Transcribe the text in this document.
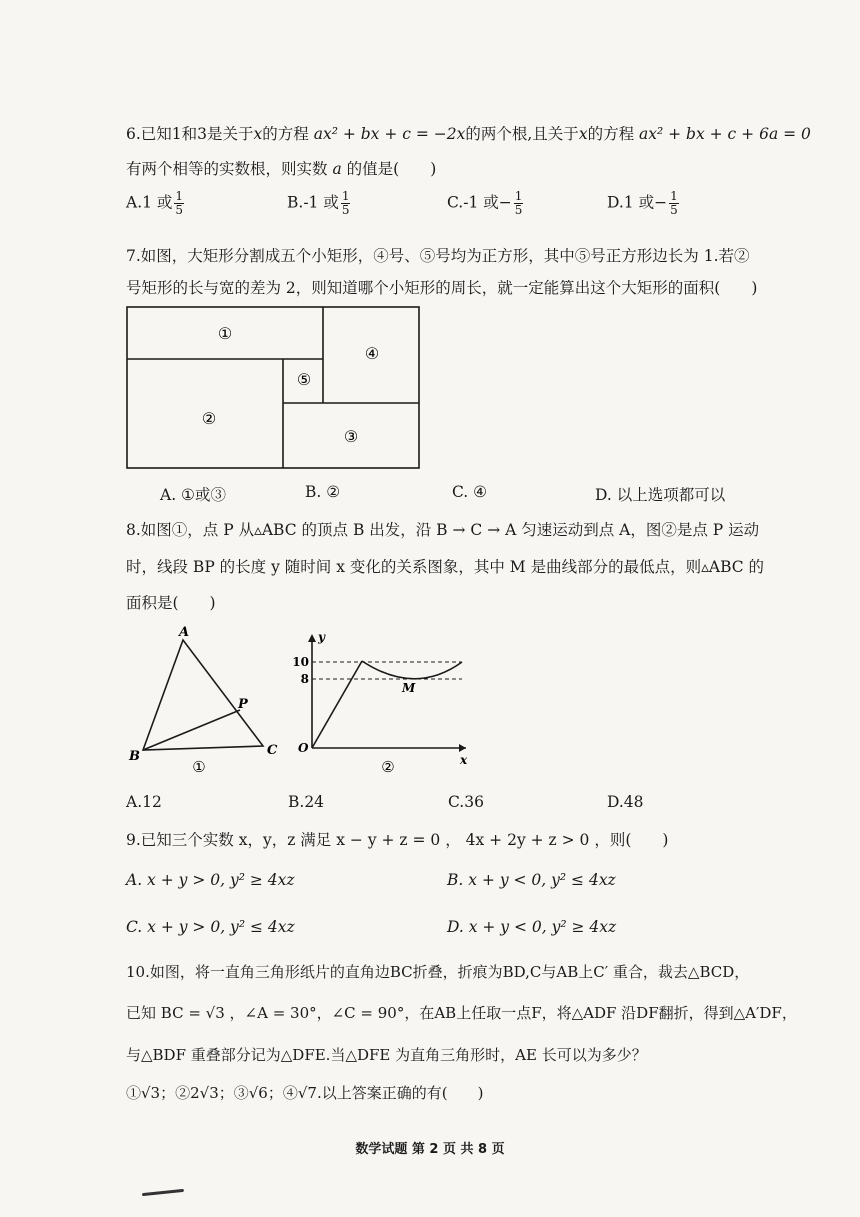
6.已知1和3是关于x的方程 ax² + bx + c = −2x的两个根,且关于x的方程 ax² + bx + c + 6a = 0
有两个相等的实数根，则实数 a 的值是(　　)
A.1 或 $\frac{1}{5}$	B.-1 或 $\frac{1}{5}$	C.-1 或− $\frac{1}{5}$	D.1 或− $\frac{1}{5}$
7.如图，大矩形分割成五个小矩形，④号、⑤号均为正方形，其中⑤号正方形边长为 1.若②
号矩形的长与宽的差为 2，则知道哪个小矩形的周长，就一定能算出这个大矩形的面积(　　)
①
②
③
④
⑤
A. ①或③	B. ②	C. ④	D. 以上选项都可以
8.如图①，点 P 从▵ABC 的顶点 B 出发，沿 B → C → A 匀速运动到点 A，图②是点 P 运动
时，线段 BP 的长度 y 随时间 x 变化的关系图象，其中 M 是曲线部分的最低点，则▵ABC 的
面积是(　　)
A
B	C
P
①
y
x
O
10
8
M
②
A.12	B.24	C.36	D.48
9.已知三个实数 x，y，z 满足 x − y + z = 0 ， 4x + 2y + z > 0 ，则(　　)
A. x + y > 0, y² ≥ 4xz	B. x + y < 0, y² ≤ 4xz
C. x + y > 0, y² ≤ 4xz	D. x + y < 0, y² ≥ 4xz
10.如图，将一直角三角形纸片的直角边BC折叠，折痕为BD,C与AB上C′ 重合，裁去△BCD，
已知 BC = √3 ，∠A = 30°，∠C = 90°，在AB上任取一点F，将△ADF 沿DF翻折，得到△A′DF，
与△BDF 重叠部分记为△DFE.当△DFE 为直角三角形时，AE 长可以为多少？
①√3；②2√3；③√6；④√7.以上答案正确的有(　　)
数学试题 第 2 页 共 8 页
